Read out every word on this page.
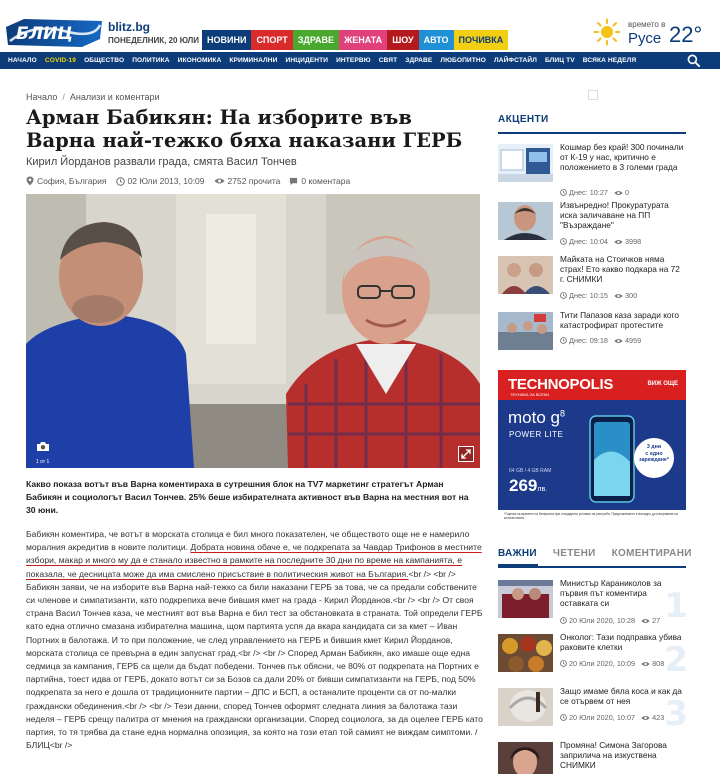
БЛИЦ	blitz.bg
ПОНЕДЕЛНИК, 20 ЮЛИ НОВИНИ	СПОРТ	ЗДРАВЕ	ЖЕНАТА	ШОУ	АВТО	ПОЧИВКА
времето в
Русе 22°
НАЧАЛО	COVID-19	ОБЩЕСТВО	ПОЛИТИКА	ИКОНОМИКА	КРИМИНАЛНИ	ИНЦИДЕНТИ	ИНТЕРВЮ	СВЯТ	ЗДРАВЕ	ЛЮБОПИТНО	ЛАЙФСТАЙЛ	БЛИЦ TV	ВСЯКА НЕДЕЛЯ
Начало / Анализи и коментари
Арман Бабикян: На изборите във Варна най-тежко бяха наказани ГЕРБ
Кирил Йорданов развали града, смята Васил Тончев
София, България 02 Юли 2013, 10:09	2752 прочита 0 коментара
1 от 1

Какво показа вотът във Варна коментираха в сутрешния блок на TV7 маркетинг стратегът Арман Бабикян и социологът Васил Тончев. 25% беше избирателната активност във Варна на местния вот на 30 юни.

Бабикян коментира, че вотът в морската столица е бил много показателен, че обществото още не е намерило моралния акредитив в новите политици. Добрата новина обаче е, че подкрепата за Чавдар Трифонов в местните избори, макар и много му да е станало известно в рамките на последните 30 дни по време на кампанията, е показала, че десницата може да има смислено присъствие в политическия живот на България.<br /> <br /> Бабикян заяви, че на изборите във Варна най-тежко са били наказани ГЕРБ за това, че са предали собствените си членове и симпатизанти, като подкрепиха вече бившия кмет на града - Кирил Йорданов.<br /> <br /> От своя страна Васил Тончев каза, че местният вот във Варна е бил тест за обстановката в страната. Той определи ГЕРБ като една отлично смазана избирателна машина, щом партията успя да вкара кандидата си за кмет – Иван Портних в балотажа. И то при положение, че след управлението на ГЕРБ и бившия кмет Кирил Йорданов, морската столица се превърна в един запуснат град.<br /> <br /> Според Арман Бабикян, ако имаше още една седмица за кампания, ГЕРБ са щели да бъдат победени. Тончев пък обясни, че 80% от подкрепата на Портних е партийна, тоест идва от ГЕРБ, докато вотът си за Бозов са дали 20% от бивши симпатизанти на ГЕРБ, под 50% подкрепата за него е дошла от традиционните партии – ДПС и БСП, а останалите проценти са от по-малки граждански обединения.<br /> <br /> Тези данни, според Тончев оформят следната линия за балотажа тази неделя – ГЕРБ срещу палитра от мнения на граждански организации. Според социолога, за да оцелее ГЕРБ като партия, то тя трябва да стане една нормална опозиция, за която на този етап той самият не виждам симптоми. /БЛИЦ<br />

АКЦЕНТИ
Кошмар без край! 300 починали от К-19 у нас, критично е положението в 3 големи града
Днес: 10:27 0
Извънредно! Прокуратурата иска заличаване на ПП "Възраждане"
Днес: 10:04 3998
Майката на Стоичков няма страх! Ето какво подкара на 72 г. СНИМКИ
Днес: 10:15 300
Тити Папазов каза заради кого катастрофират протестите
Днес: 09:18 4959
TECHNOPOLIS
ТЕХНИКА ЗА ВСЕКИ
ВИЖ ОЩЕ
moto $g^8$
POWER LITE
3 дни
с едно
зареждане*
64 GB / 4 GB RAM
269лв.
*Оценка за времето на батерията при стандартни условия на употреба. Предложението е валидно до изчерпване на количествата.
ВАЖНИ ЧЕТЕНИ КОМЕНТИРАНИ
1
Министър Караниколов за първия път коментира оставката си
20 Юли 2020, 10:28 27
2
Онколог: Тази подправка убива раковите клетки
20 Юли 2020, 10:09 808
3
Защо имаме бяла коса и как да се отървем от нея
20 Юли 2020, 10:07 423
Промяна! Симона Загорова заприлича на изкуствена СНИМКИ
